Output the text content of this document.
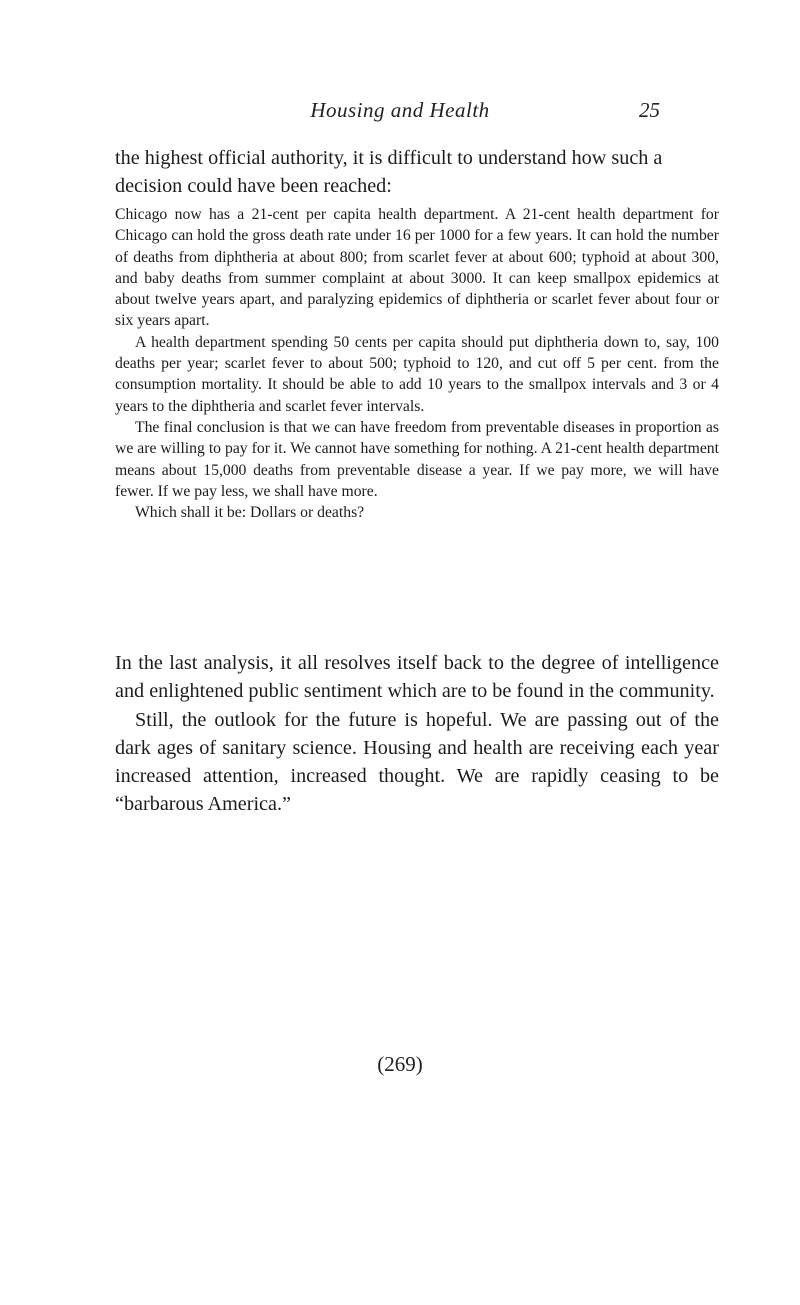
Housing and Health	25

the highest official authority, it is difficult to understand how such a decision could have been reached:

Chicago now has a 21-cent per capita health department. A 21-cent health department for Chicago can hold the gross death rate under 16 per 1000 for a few years. It can hold the number of deaths from diphtheria at about 800; from scarlet fever at about 600; typhoid at about 300, and baby deaths from summer complaint at about 3000. It can keep smallpox epidemics at about twelve years apart, and paralyzing epidemics of diphtheria or scarlet fever about four or six years apart.

A health department spending 50 cents per capita should put diphtheria down to, say, 100 deaths per year; scarlet fever to about 500; typhoid to 120, and cut off 5 per cent. from the consumption mortality. It should be able to add 10 years to the smallpox intervals and 3 or 4 years to the diphtheria and scarlet fever intervals.

The final conclusion is that we can have freedom from preventable diseases in proportion as we are willing to pay for it. We cannot have something for nothing. A 21-cent health department means about 15,000 deaths from preventable disease a year. If we pay more, we will have fewer. If we pay less, we shall have more.

Which shall it be: Dollars or deaths?

In the last analysis, it all resolves itself back to the degree of intelligence and enlightened public sentiment which are to be found in the community.

Still, the outlook for the future is hopeful. We are passing out of the dark ages of sanitary science. Housing and health are receiving each year increased attention, increased thought. We are rapidly ceasing to be “barbarous America.”

(269)
